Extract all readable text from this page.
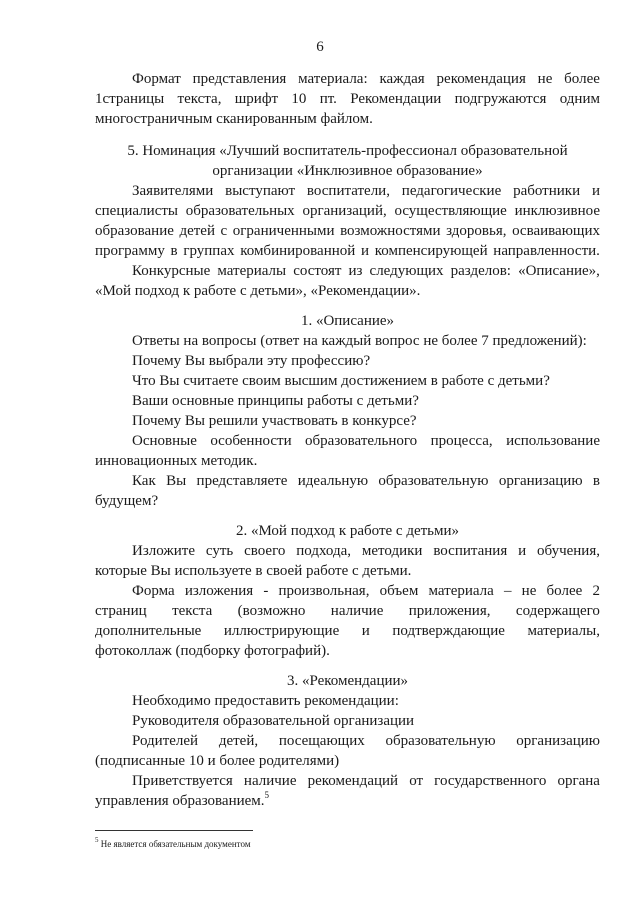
6
Формат представления материала: каждая рекомендация не более
1страницы текста, шрифт 10 пт. Рекомендации подгружаются одним
многостраничным сканированным файлом.
5. Номинация «Лучший воспитатель-профессионал образовательной
организации «Инклюзивное образование»
Заявителями выступают воспитатели, педагогические работники и
специалисты образовательных организаций, осуществляющие инклюзивное
образование детей с ограниченными возможностями здоровья, осваивающих
программу в группах комбинированной и компенсирующей направленности.
Конкурсные материалы состоят из следующих разделов: «Описание»,
«Мой подход к работе с детьми», «Рекомендации».
1. «Описание»
Ответы на вопросы (ответ на каждый вопрос не более 7 предложений):
Почему Вы выбрали эту профессию?
Что Вы считаете своим высшим достижением в работе с детьми?
Ваши основные принципы работы с детьми?
Почему Вы решили участвовать в конкурсе?
Основные особенности образовательного процесса, использование
инновационных методик.
Как Вы представляете идеальную образовательную организацию в
будущем?
2. «Мой подход к работе с детьми»
Изложите суть своего подхода, методики воспитания и обучения,
которые Вы используете в своей работе с детьми.
Форма изложения - произвольная, объем материала – не более 2
страниц текста (возможно наличие приложения, содержащего
дополнительные иллюстрирующие и подтверждающие материалы,
фотоколлаж (подборку фотографий).
3. «Рекомендации»
Необходимо предоставить рекомендации:
Руководителя образовательной организации
Родителей детей, посещающих образовательную организацию
(подписанные 10 и более родителями)
Приветствуется наличие рекомендаций от государственного органа
управления образованием.$^5$
$^5$ Не является обязательным документом
